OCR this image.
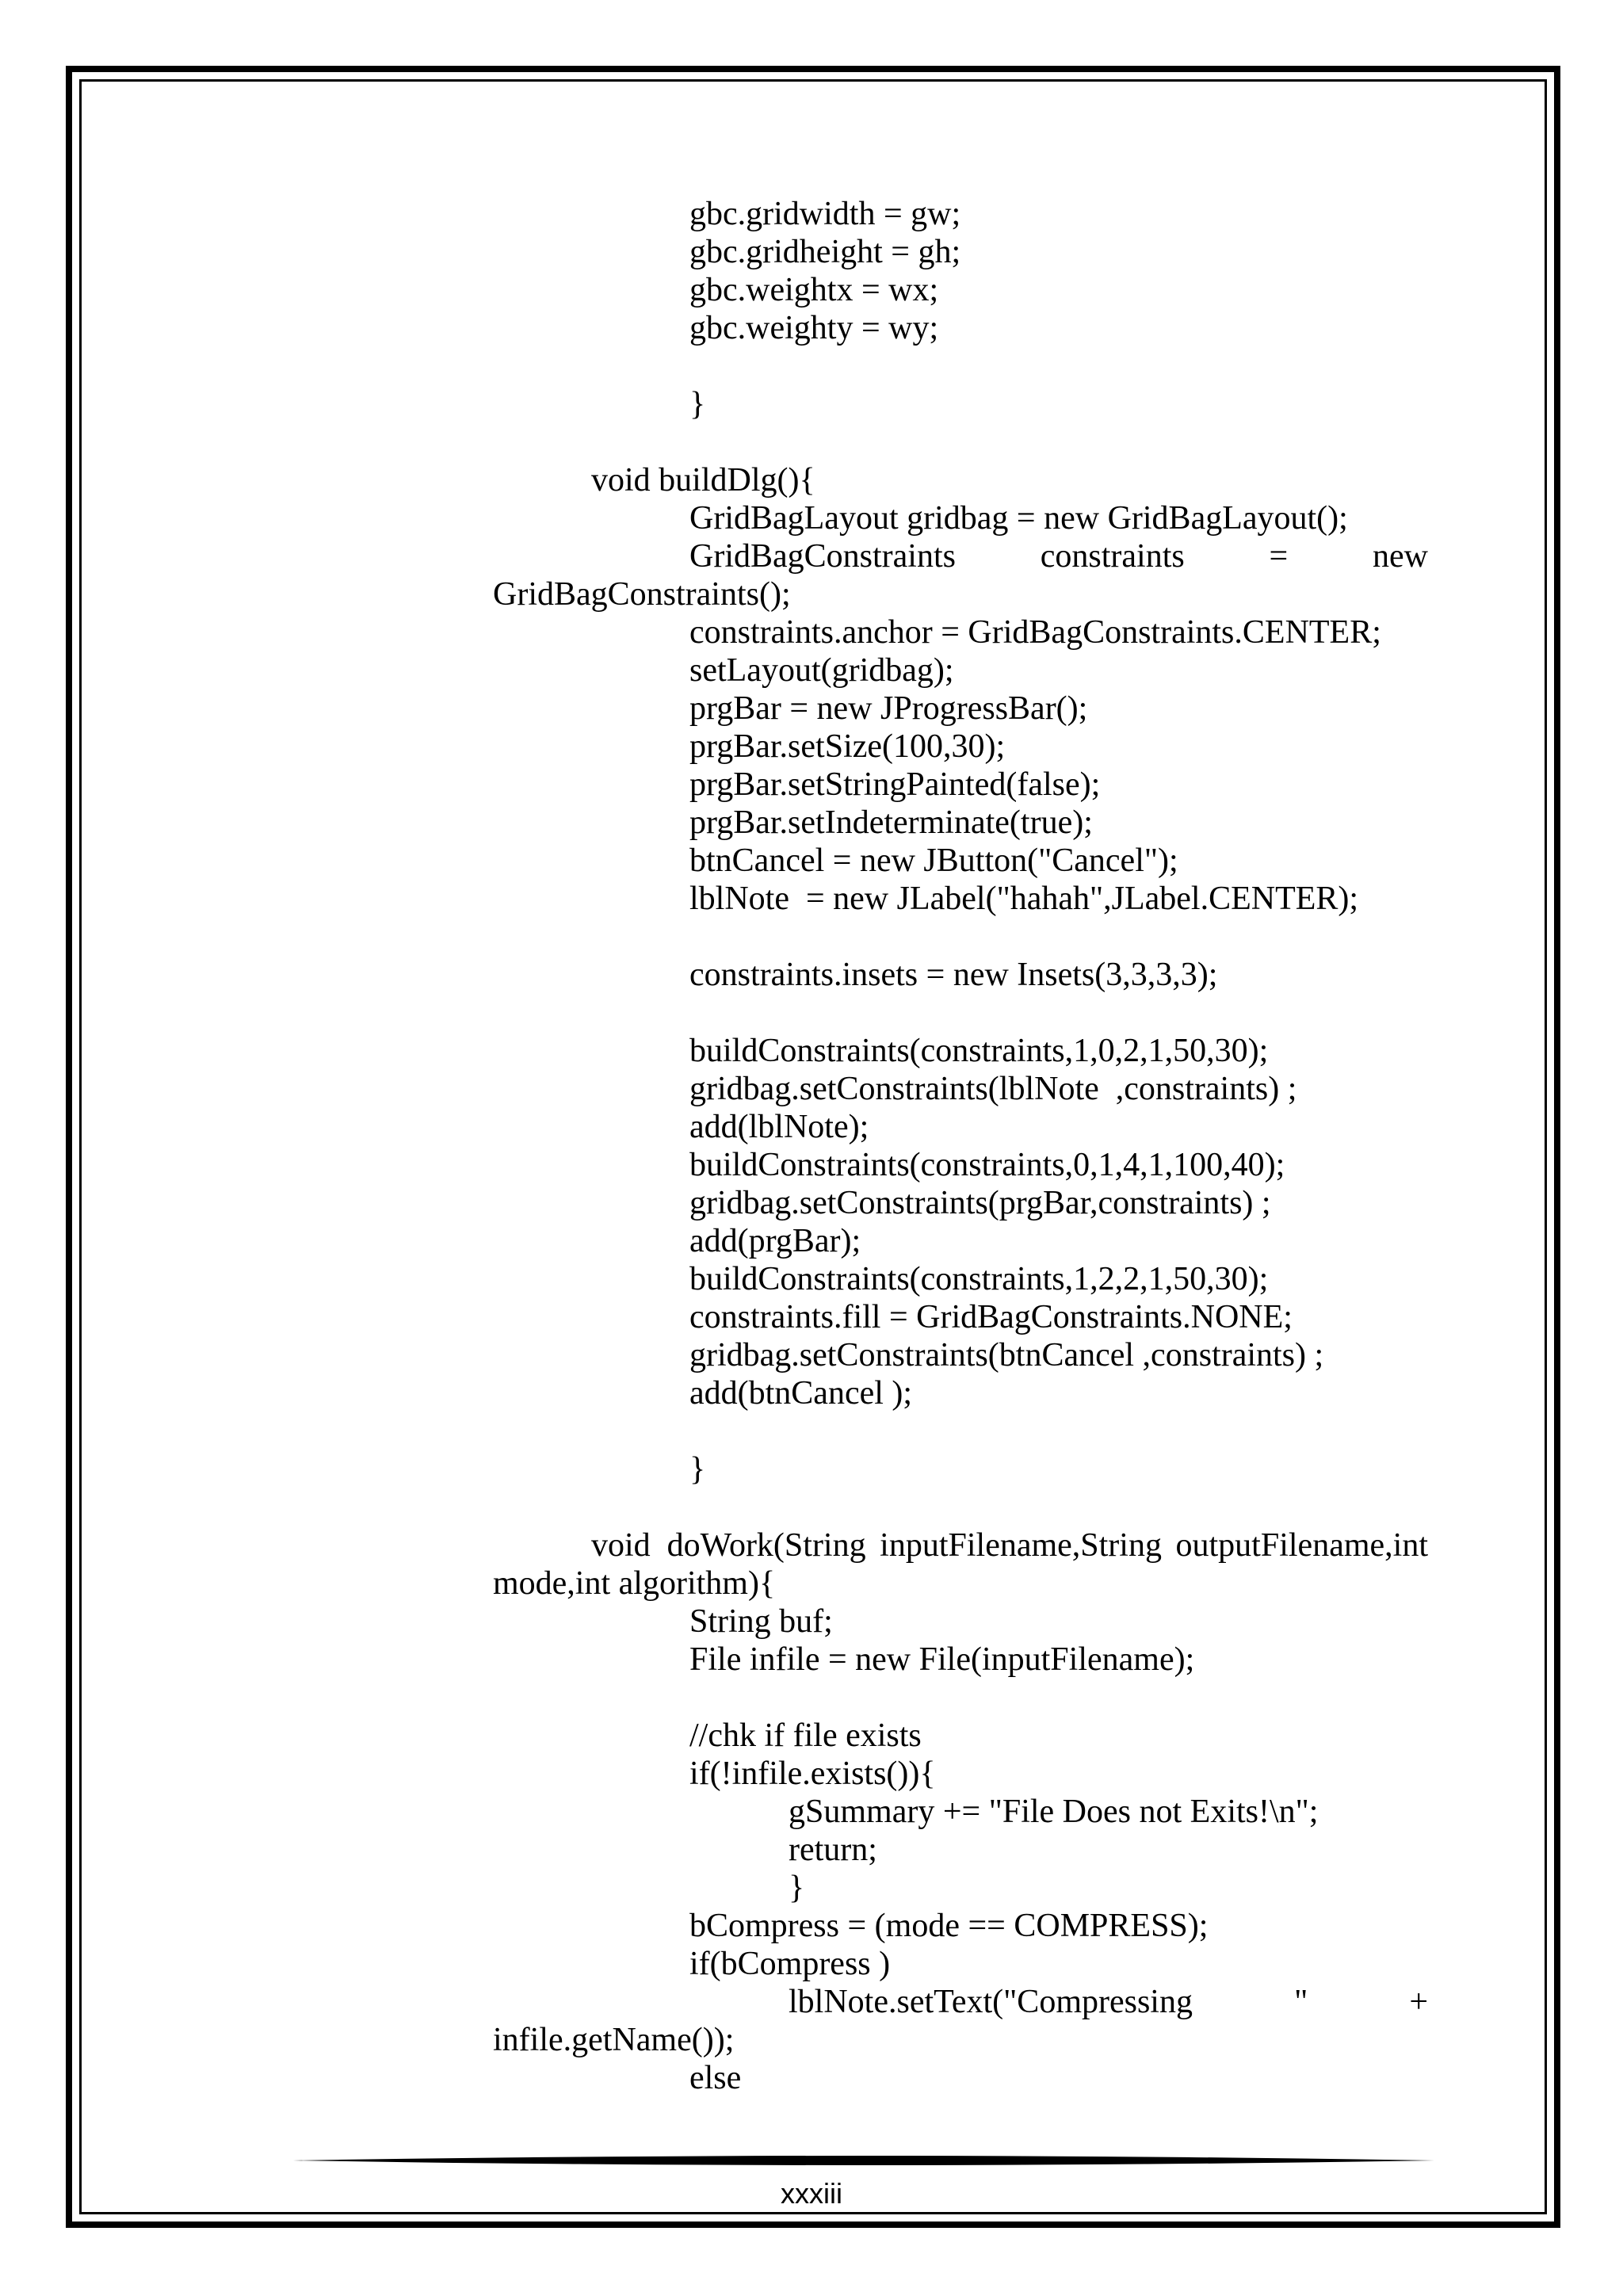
gbc.gridwidth = gw;
gbc.gridheight = gh;
gbc.weightx = wx;
gbc.weighty = wy;
}
void buildDlg(){
GridBagLayout gridbag = new GridBagLayout();
GridBagConstraints	constraints	=	new
GridBagConstraints();
constraints.anchor = GridBagConstraints.CENTER;
setLayout(gridbag);
prgBar = new JProgressBar();
prgBar.setSize(100,30);
prgBar.setStringPainted(false);
prgBar.setIndeterminate(true);
btnCancel = new JButton("Cancel");
lblNote  = new JLabel("hahah",JLabel.CENTER);
constraints.insets = new Insets(3,3,3,3);
buildConstraints(constraints,1,0,2,1,50,30);
gridbag.setConstraints(lblNote  ,constraints) ;
add(lblNote);
buildConstraints(constraints,0,1,4,1,100,40);
gridbag.setConstraints(prgBar,constraints) ;
add(prgBar);
buildConstraints(constraints,1,2,2,1,50,30);
constraints.fill = GridBagConstraints.NONE;
gridbag.setConstraints(btnCancel ,constraints) ;
add(btnCancel );
}
void  doWork(String inputFilename,String outputFilename,int
mode,int algorithm){
String buf;
File infile = new File(inputFilename);
//chk if file exists
if(!infile.exists()){
gSummary += "File Does not Exits!\n";
return;
}
bCompress = (mode == COMPRESS);
if(bCompress )
lblNote.setText("Compressing	"	+
infile.getName());
else
xxxiii
